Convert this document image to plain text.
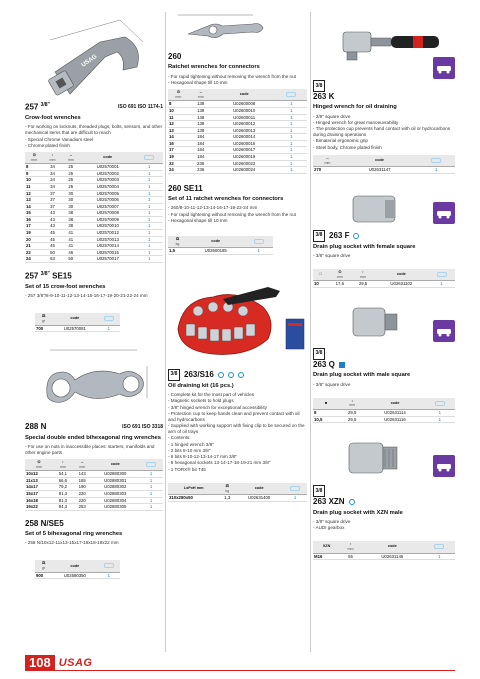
USAG
257 $^{3/8"}$	ISO 691 ISO 1174-1
Crow-foot wrenches
- For working on locknuts, threaded plugs, bolts, sensors, and other mechanical items that are difficult to reach
- Special Chrome Vanadium steel
- Chrome plated finish
⊙
mm	↕
mm	↔
mm	code	
8	34	25	U02570001	1
9	34	25	U02570002	1
10	34	25	U02570003	1
11	34	25	U02570004	1
12	37	30	U02570005	1
13	37	30	U02570006	1
14	37	30	U02570007	1
15	43	38	U02570008	1
16	43	38	U02570009	1
17	43	38	U02570010	1
19	45	41	U02570012	1
20	45	41	U02570013	1
21	45	41	U02570014	1
22	50	46	U02570015	1
24	53	50	U02570017	1
257 $^{3/8"}$ SE15
Set of 15 crow-foot wrenches
- 257 3/8"/8-9-10-11-12-13-14-15-16-17-19-20-21-22-24 mm
⚖
gr	code	
700	U02570081	1
288 N	ISO 691 ISO 3318
Special double ended bihexagonal ring wrenches
- For use on nuts in inaccessible places: starters, manifolds and other engine parts
⊙
mm	↕
mm	↔
mm	code	
10x12	54,1	143	U02880300	1
11x13	66,6	165	U02880301	1
14x17	79,2	190	U02880302	1
15x17	81,3	220	U02880303	1
16x18	81,3	220	U02880304	1
19x22	94,3	253	U02880305	1
258 N/SE5
Set of 5 bihexagonal ring wrenches
- 258 N/10x12-11x13-15x17-16x18-19x22 mm
⚖
gr	code	
900	U02580350	1
260
Ratchet wrenches for connectors
- For rapid tightening without removing the wrench from the nut
- Hexagonal shape till 10 mm
⊙
mm	↔
mm	code	
8	138	U02600008	1
10	138	U02600010	1
11	138	U02600011	1
12	138	U02600012	1
13	138	U02600013	1
14	184	U02600014	1
16	184	U02600016	1
17	184	U02600017	1
19	184	U02600019	1
22	236	U02600022	1
24	236	U02600024	1
260 SE11
Set of 11 ratchet wrenches for connectors
- 260/8-10-11-12-13-14-16-17-19-22-24 mm
- For rapid tightening without removing the wrench from the nut
- Hexagonal shape till 10 mm
⚖
kg	code	
1,5	U02600185	1
3/8 263/S16
Oil draining kit (16 pcs.)
- Complete kit for the most part of vehicles
- Magnetic sockets to hold plugs
- 3/8" hinged wrench for exceptional accessibility
- Protection cup to keep hands clean and prevent contact with oil and hydrocarbons
- Supplied with working support with fixing clip to be secured on the arm of oil trays
- Contents:
- 1 hinged wrench 3/8"
- 2 bits 8-10 mm 3/8"
- 6 bits 8-10-12-13-14-17 mm 3/8"
- 6 hexagonal sockets 13-14-17-18-19-21 mm 3/8"
- 1 TORX® bit T45
LxPxH mm	⚖
kg	code	
310x280x50	1,3	U02631400	1
3/8
263 K
Hinged wrench for oil draining
- 3/8" square drive
- Hinged wrench for great manoeuvrability
- The protection cup prevents hand contact with oil or hydrocarbons during draining operations
- Bimaterial ergonomic grip
- Steel body, Chrome plated finish
↔
mm	code	
270	U02631147	1
3/8 263 F
Drain plug socket with female square
- 3/8" square drive
□	⊙
mm	↕
mm	code	
10	17,6	29,5	U02631102	1
3/8
263 Q
Drain plug socket with male square
- 3/8" square drive
■	↕
mm	code	
8	29,5	U02631114	1
10,5	29,5	U02631116	1
3/8
263 XZN
Drain plug socket with XZN male
- 3/8" square drive
- AUDI gearbox
XZN	↕
mm	code	
M16	55	U02631145	1
108 USAG
